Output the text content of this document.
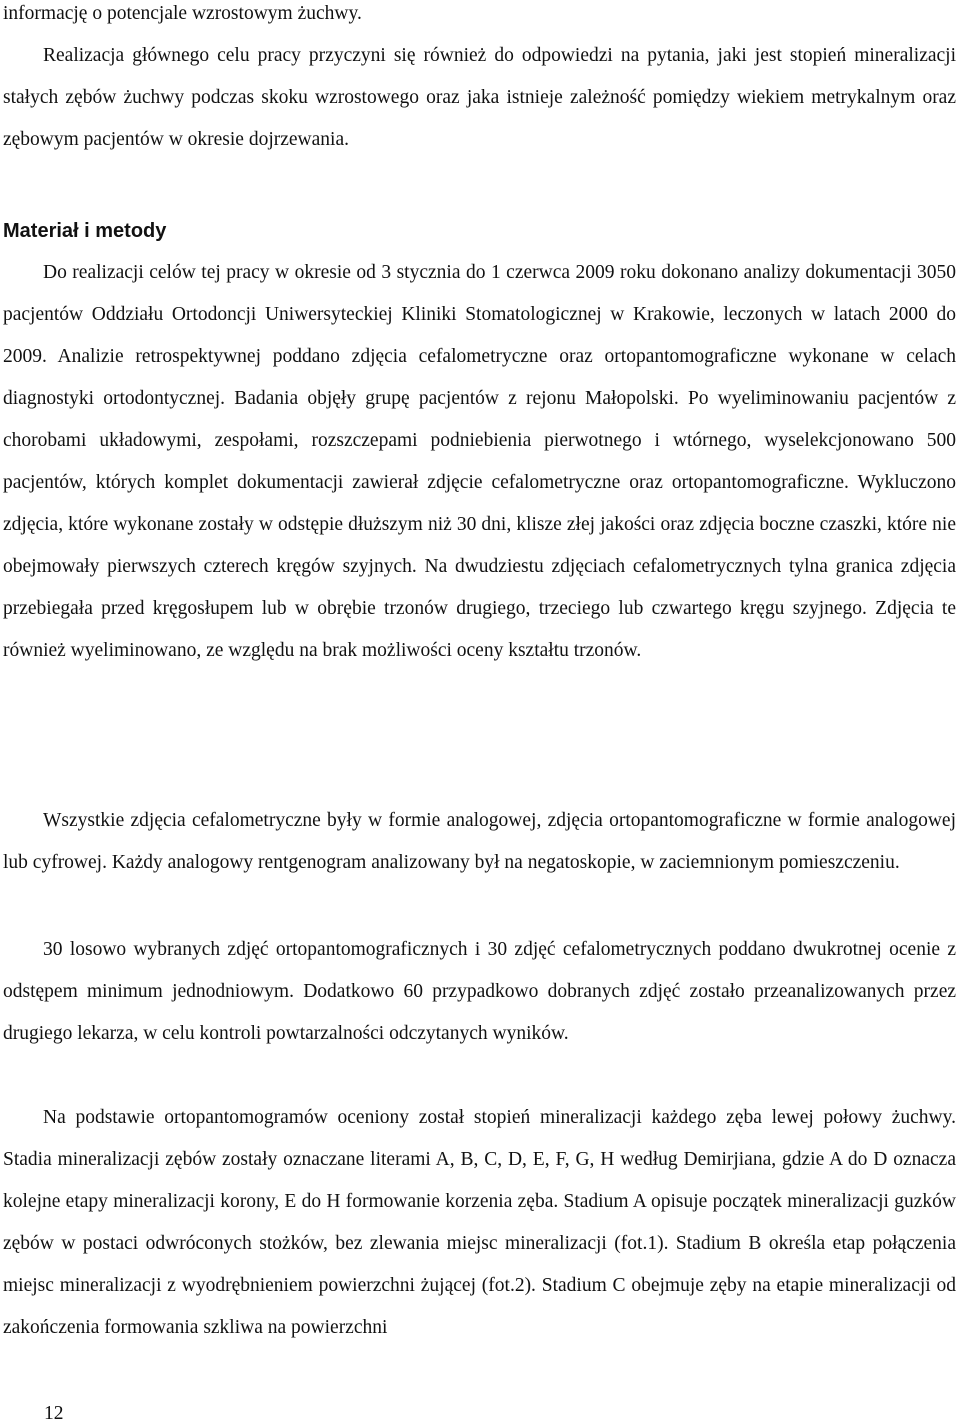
informację o potencjale wzrostowym żuchwy.

Realizacja głównego celu pracy przyczyni się również do odpowiedzi na pytania, jaki jest stopień mineralizacji stałych zębów żuchwy podczas skoku wzrostowego oraz jaka istnieje zależność pomiędzy wiekiem metrykalnym oraz zębowym pacjentów w okresie dojrzewania.

Materiał i metody

Do realizacji celów tej pracy w okresie od 3 stycznia do 1 czerwca 2009 roku dokonano analizy dokumentacji 3050 pacjentów Oddziału Ortodoncji Uniwersyteckiej Kliniki Stomatologicznej w Krakowie, leczonych w latach 2000 do 2009. Analizie retrospektywnej poddano zdjęcia cefalometryczne oraz ortopantomograficzne wykonane w celach diagnostyki ortodontycznej. Badania objęły grupę pacjentów z rejonu Małopolski. Po wyeliminowaniu pacjentów z chorobami układowymi, zespołami, rozszczepami podniebienia pierwotnego i wtórnego, wyselekcjonowano 500 pacjentów, których komplet dokumentacji zawierał zdjęcie cefalometryczne oraz ortopantomograficzne. Wykluczono zdjęcia, które wykonane zostały w odstępie dłuższym niż 30 dni, klisze złej jakości oraz zdjęcia boczne czaszki, które nie obejmowały pierwszych czterech kręgów szyjnych. Na dwudziestu zdjęciach cefalometrycznych tylna granica zdjęcia przebiegała przed kręgosłupem lub w obrębie trzonów drugiego, trzeciego lub czwartego kręgu szyjnego. Zdjęcia te również wyeliminowano, ze względu na brak możliwości oceny kształtu trzonów.

Wszystkie zdjęcia cefalometryczne były w formie analogowej, zdjęcia ortopantomograficzne w formie analogowej lub cyfrowej. Każdy analogowy rentgenogram analizowany był na negatoskopie, w zaciemnionym pomieszczeniu.

30 losowo wybranych zdjęć ortopantomograficznych i 30 zdjęć cefalometrycznych poddano dwukrotnej ocenie z odstępem minimum jednodniowym. Dodatkowo 60 przypadkowo dobranych zdjęć zostało przeanalizowanych przez drugiego lekarza, w celu kontroli powtarzalności odczytanych wyników.

Na podstawie ortopantomogramów oceniony został stopień mineralizacji każdego zęba lewej połowy żuchwy. Stadia mineralizacji zębów zostały oznaczane literami A, B, C, D, E, F, G, H według Demirjiana, gdzie A do D oznacza kolejne etapy mineralizacji korony, E do H formowanie korzenia zęba. Stadium A opisuje początek mineralizacji guzków zębów w postaci odwróconych stożków, bez zlewania miejsc mineralizacji (fot.1). Stadium B określa etap połączenia miejsc mineralizacji z wyodrębnieniem powierzchni żującej (fot.2). Stadium C obejmuje zęby na etapie mineralizacji od zakończenia formowania szkliwa na powierzchni

12
